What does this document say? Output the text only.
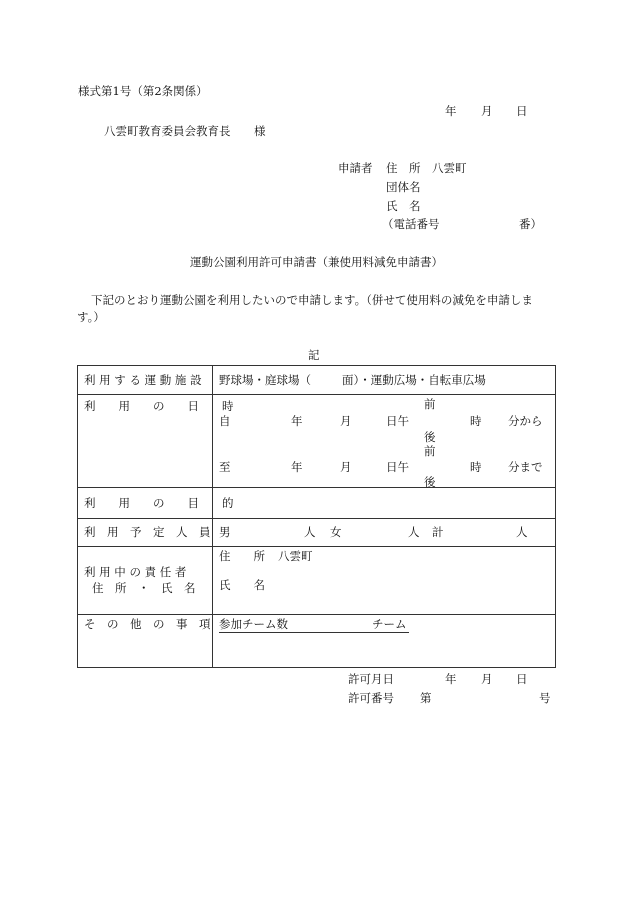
様式第1号（第2条関係）
年 月 日
八雲町教育委員会教育長 様
申請者 住　所 八雲町
団体名
氏　名
（電話番号	番）
運動公園利用許可申請書（兼使用料減免申請書）
下記のとおり運動公園を利用したいので申請します。（併せて使用料の減免を申請しま
す。）
記
利 用 す る 運 動 施 設 野球場・庭球場（	面）・運動広場・自転車広場
利　　用　　の　　日　　時	前
自	年	月	日午	時 分から
後
前
至	年	月	日午	時 分まで
後
利　　用　　の　　目　　的
利　用　予　定　人　員 男	人 女	人 計	人
利 用 中 の 責 任 者
住　所　・　氏　名
住　　所 八雲町
氏　　名
そ　の　他　の　事　項 参加チーム数	チーム
許可月日	年 月 日
許可番号 第	号
